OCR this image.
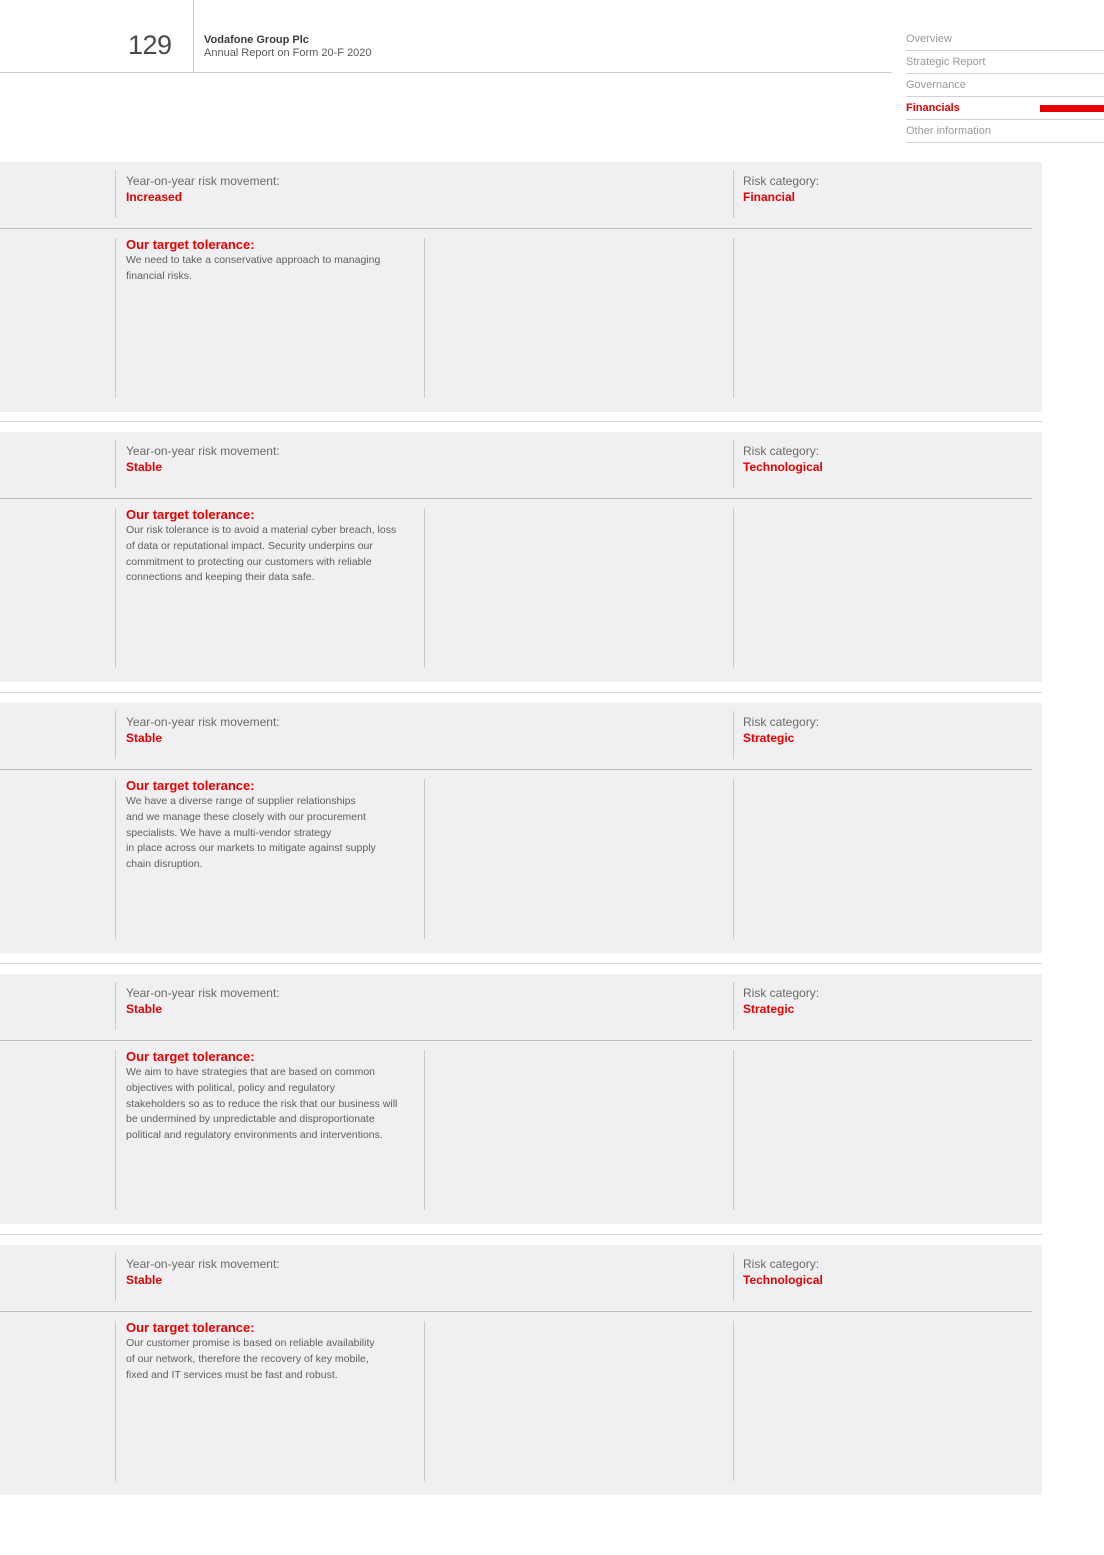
129	Vodafone Group Plc
Annual Report on Form 20-F 2020
Overview
Strategic Report
Governance
Financials
Other information
Year-on-year risk movement:
Increased
Risk category:
Financial
Our target tolerance:
We need to take a conservative approach to managing
financial risks.
Year-on-year risk movement:
Stable
Risk category:
Technological
Our target tolerance:
Our risk tolerance is to avoid a material cyber breach, loss
of data or reputational impact. Security underpins our
commitment to protecting our customers with reliable
connections and keeping their data safe.
Year-on-year risk movement:
Stable
Risk category:
Strategic
Our target tolerance:
We have a diverse range of supplier relationships
and we manage these closely with our procurement
specialists. We have a multi-vendor strategy
in place across our markets to mitigate against supply
chain disruption.
Year-on-year risk movement:
Stable
Risk category:
Strategic
Our target tolerance:
We aim to have strategies that are based on common
objectives with political, policy and regulatory
stakeholders so as to reduce the risk that our business will
be undermined by unpredictable and disproportionate
political and regulatory environments and interventions.
Year-on-year risk movement:
Stable
Risk category:
Technological
Our target tolerance:
Our customer promise is based on reliable availability
of our network, therefore the recovery of key mobile,
fixed and IT services must be fast and robust.
